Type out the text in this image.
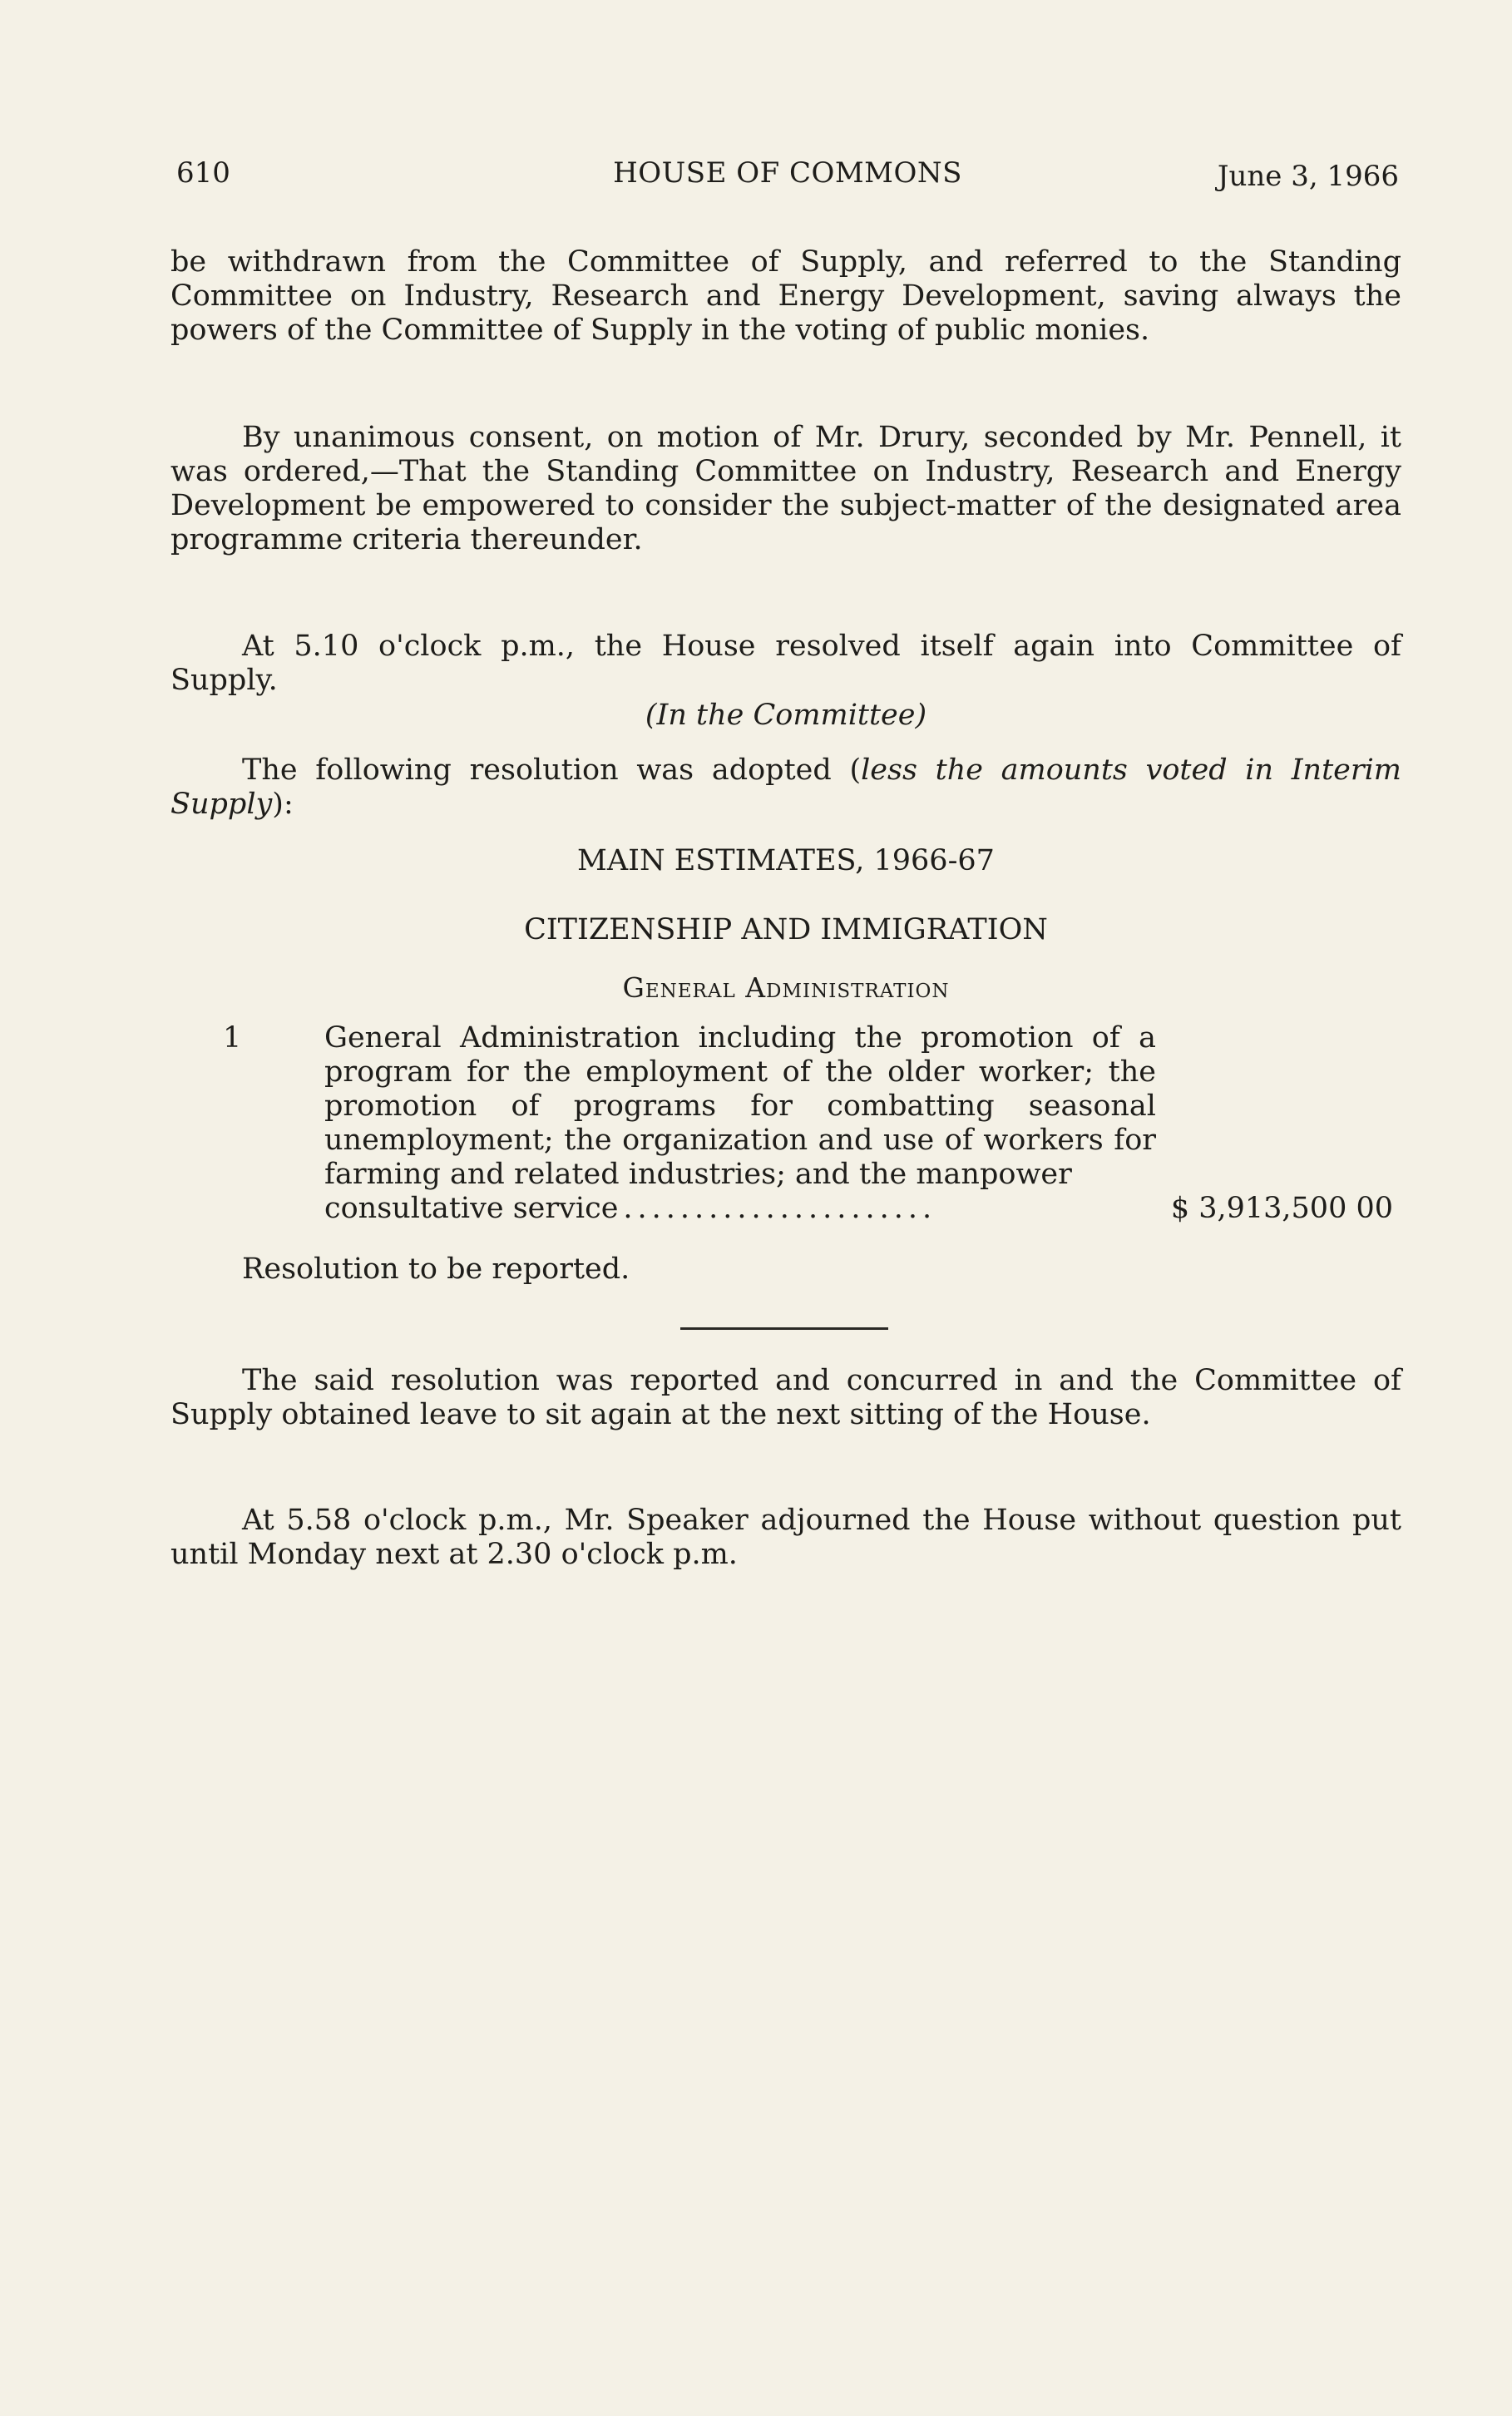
610	HOUSE OF COMMONS	June 3, 1966
be withdrawn from the Committee of Supply, and referred to the Standing Committee on Industry, Research and Energy Development, saving always the powers of the Committee of Supply in the voting of public monies.
By unanimous consent, on motion of Mr. Drury, seconded by Mr. Pennell, it was ordered,—That the Standing Committee on Industry, Research and Energy Development be empowered to consider the subject-matter of the designated area programme criteria thereunder.
At 5.10 o'clock p.m., the House resolved itself again into Committee of Supply.
(In the Committee)
The following resolution was adopted (less the amounts voted in Interim Supply):
MAIN ESTIMATES, 1966-67
CITIZENSHIP AND IMMIGRATION
General Administration
1	General Administration including the promotion of a program for the employment of the older worker; the promotion of programs for combatting seasonal unemployment; the organization and use of workers for farming and related industries; and the manpower
consultative service ......................	$ 3,913,500 00
Resolution to be reported.
The said resolution was reported and concurred in and the Committee of Supply obtained leave to sit again at the next sitting of the House.
At 5.58 o'clock p.m., Mr. Speaker adjourned the House without question put until Monday next at 2.30 o'clock p.m.
